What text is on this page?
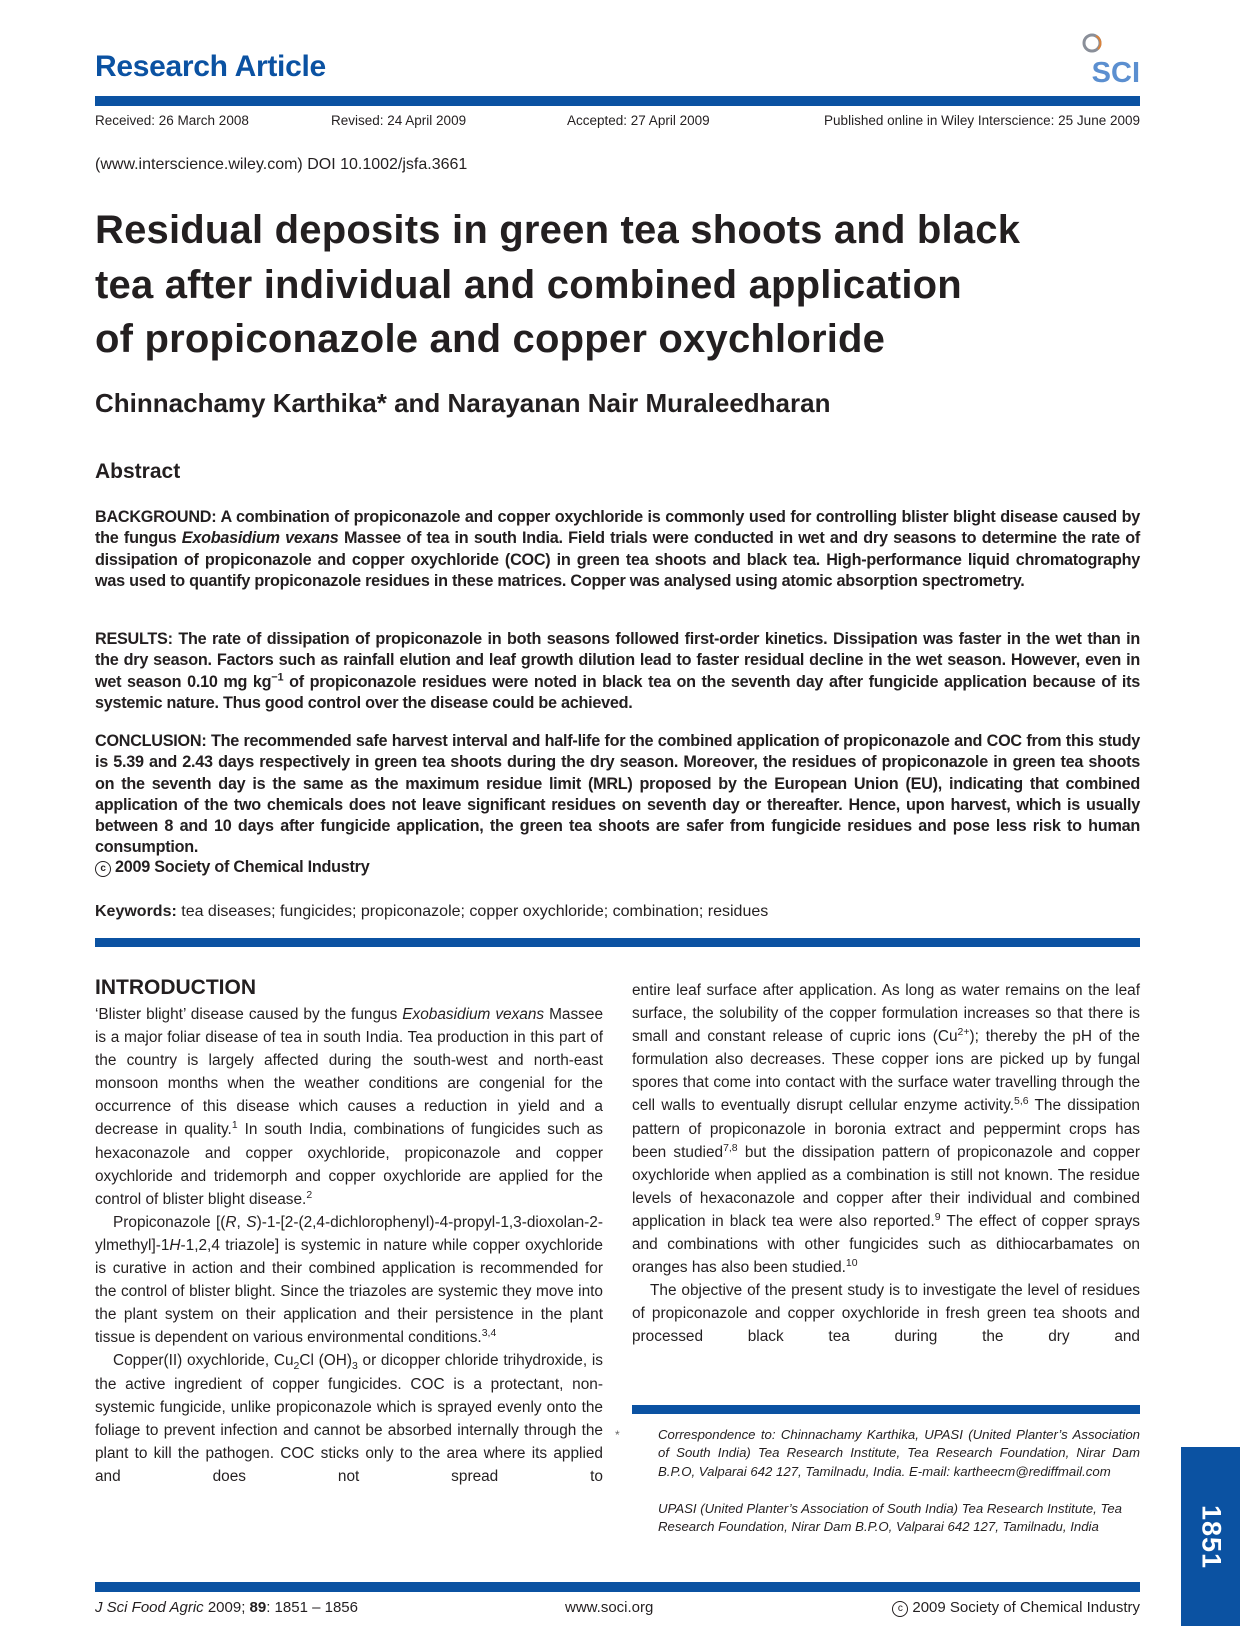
Research Article	SCI
Received: 26 March 2008	Revised: 24 April 2009	Accepted: 27 April 2009	Published online in Wiley Interscience: 25 June 2009
(www.interscience.wiley.com) DOI 10.1002/jsfa.3661
Residual deposits in green tea shoots and black
tea after individual and combined application
of propiconazole and copper oxychloride
Chinnachamy Karthika* and Narayanan Nair Muraleedharan
Abstract

BACKGROUND: A combination of propiconazole and copper oxychloride is commonly used for controlling blister blight disease caused by the fungus Exobasidium vexans Massee of tea in south India. Field trials were conducted in wet and dry seasons to determine the rate of dissipation of propiconazole and copper oxychloride (COC) in green tea shoots and black tea. High-performance liquid chromatography was used to quantify propiconazole residues in these matrices. Copper was analysed using atomic absorption spectrometry.

RESULTS: The rate of dissipation of propiconazole in both seasons followed first-order kinetics. Dissipation was faster in the wet than in the dry season. Factors such as rainfall elution and leaf growth dilution lead to faster residual decline in the wet season. However, even in wet season 0.10 mg $kg^{-1}$ of propiconazole residues were noted in black tea on the seventh day after fungicide application because of its systemic nature. Thus good control over the disease could be achieved.

CONCLUSION: The recommended safe harvest interval and half-life for the combined application of propiconazole and COC from this study is 5.39 and 2.43 days respectively in green tea shoots during the dry season. Moreover, the residues of propiconazole in green tea shoots on the seventh day is the same as the maximum residue limit (MRL) proposed by the European Union (EU), indicating that combined application of the two chemicals does not leave significant residues on seventh day or thereafter. Hence, upon harvest, which is usually between 8 and 10 days after fungicide application, the green tea shoots are safer from fungicide residues and pose less risk to human consumption.

c 2009 Society of Chemical Industry
Keywords: tea diseases; fungicides; propiconazole; copper oxychloride; combination; residues
INTRODUCTION

‘Blister blight’ disease caused by the fungus Exobasidium vexans Massee is a major foliar disease of tea in south India. Tea production in this part of the country is largely affected during the south-west and north-east monsoon months when the weather conditions are congenial for the occurrence of this disease which causes a reduction in yield and a decrease in quality.$^1$ In south India, combinations of fungicides such as hexaconazole and copper oxychloride, propiconazole and copper oxychloride and tridemorph and copper oxychloride are applied for the control of blister blight disease.$^2$

Propiconazole [(R, S)-1-[2-(2,4-dichlorophenyl)-4-propyl-1,3-dioxolan-2-ylmethyl]-1H-1,2,4 triazole] is systemic in nature while copper oxychloride is curative in action and their combined application is recommended for the control of blister blight. Since the triazoles are systemic they move into the plant system on their application and their persistence in the plant tissue is dependent on various environmental conditions.$^{3,4}$

Copper(II) oxychloride, $Cu_2Cl$ $(OH)_3$ or dicopper chloride trihydroxide, is the active ingredient of copper fungicides. COC is a protectant, non-systemic fungicide, unlike propiconazole which is sprayed evenly onto the foliage to prevent infection and cannot be absorbed internally through the plant to kill the pathogen. COC sticks only to the area where its applied and does not spread to

entire leaf surface after application. As long as water remains on the leaf surface, the solubility of the copper formulation increases so that there is small and constant release of cupric ions $(Cu^{2+})$; thereby the pH of the formulation also decreases. These copper ions are picked up by fungal spores that come into contact with the surface water travelling through the cell walls to eventually disrupt cellular enzyme activity.$^{5,6}$ The dissipation pattern of propiconazole in boronia extract and peppermint crops has been studied$^{7,8}$ but the dissipation pattern of propiconazole and copper oxychloride when applied as a combination is still not known. The residue levels of hexaconazole and copper after their individual and combined application in black tea were also reported.$^9$ The effect of copper sprays and combinations with other fungicides such as dithiocarbamates on oranges has also been studied.$^{10}$

The objective of the present study is to investigate the level of residues of propiconazole and copper oxychloride in fresh green tea shoots and processed black tea during the dry and

*	Correspondence to: Chinnachamy Karthika, UPASI (United Planter’s Association of South India) Tea Research Institute, Tea Research Foundation, Nirar Dam B.P.O, Valparai 642 127, Tamilnadu, India. E-mail: kartheecm@rediffmail.com
UPASI (United Planter’s Association of South India) Tea Research Institute, Tea Research Foundation, Nirar Dam B.P.O, Valparai 642 127, Tamilnadu, India
J Sci Food Agric 2009; 89: 1851 – 1856	www.soci.org	c 2009 Society of Chemical Industry
1851
